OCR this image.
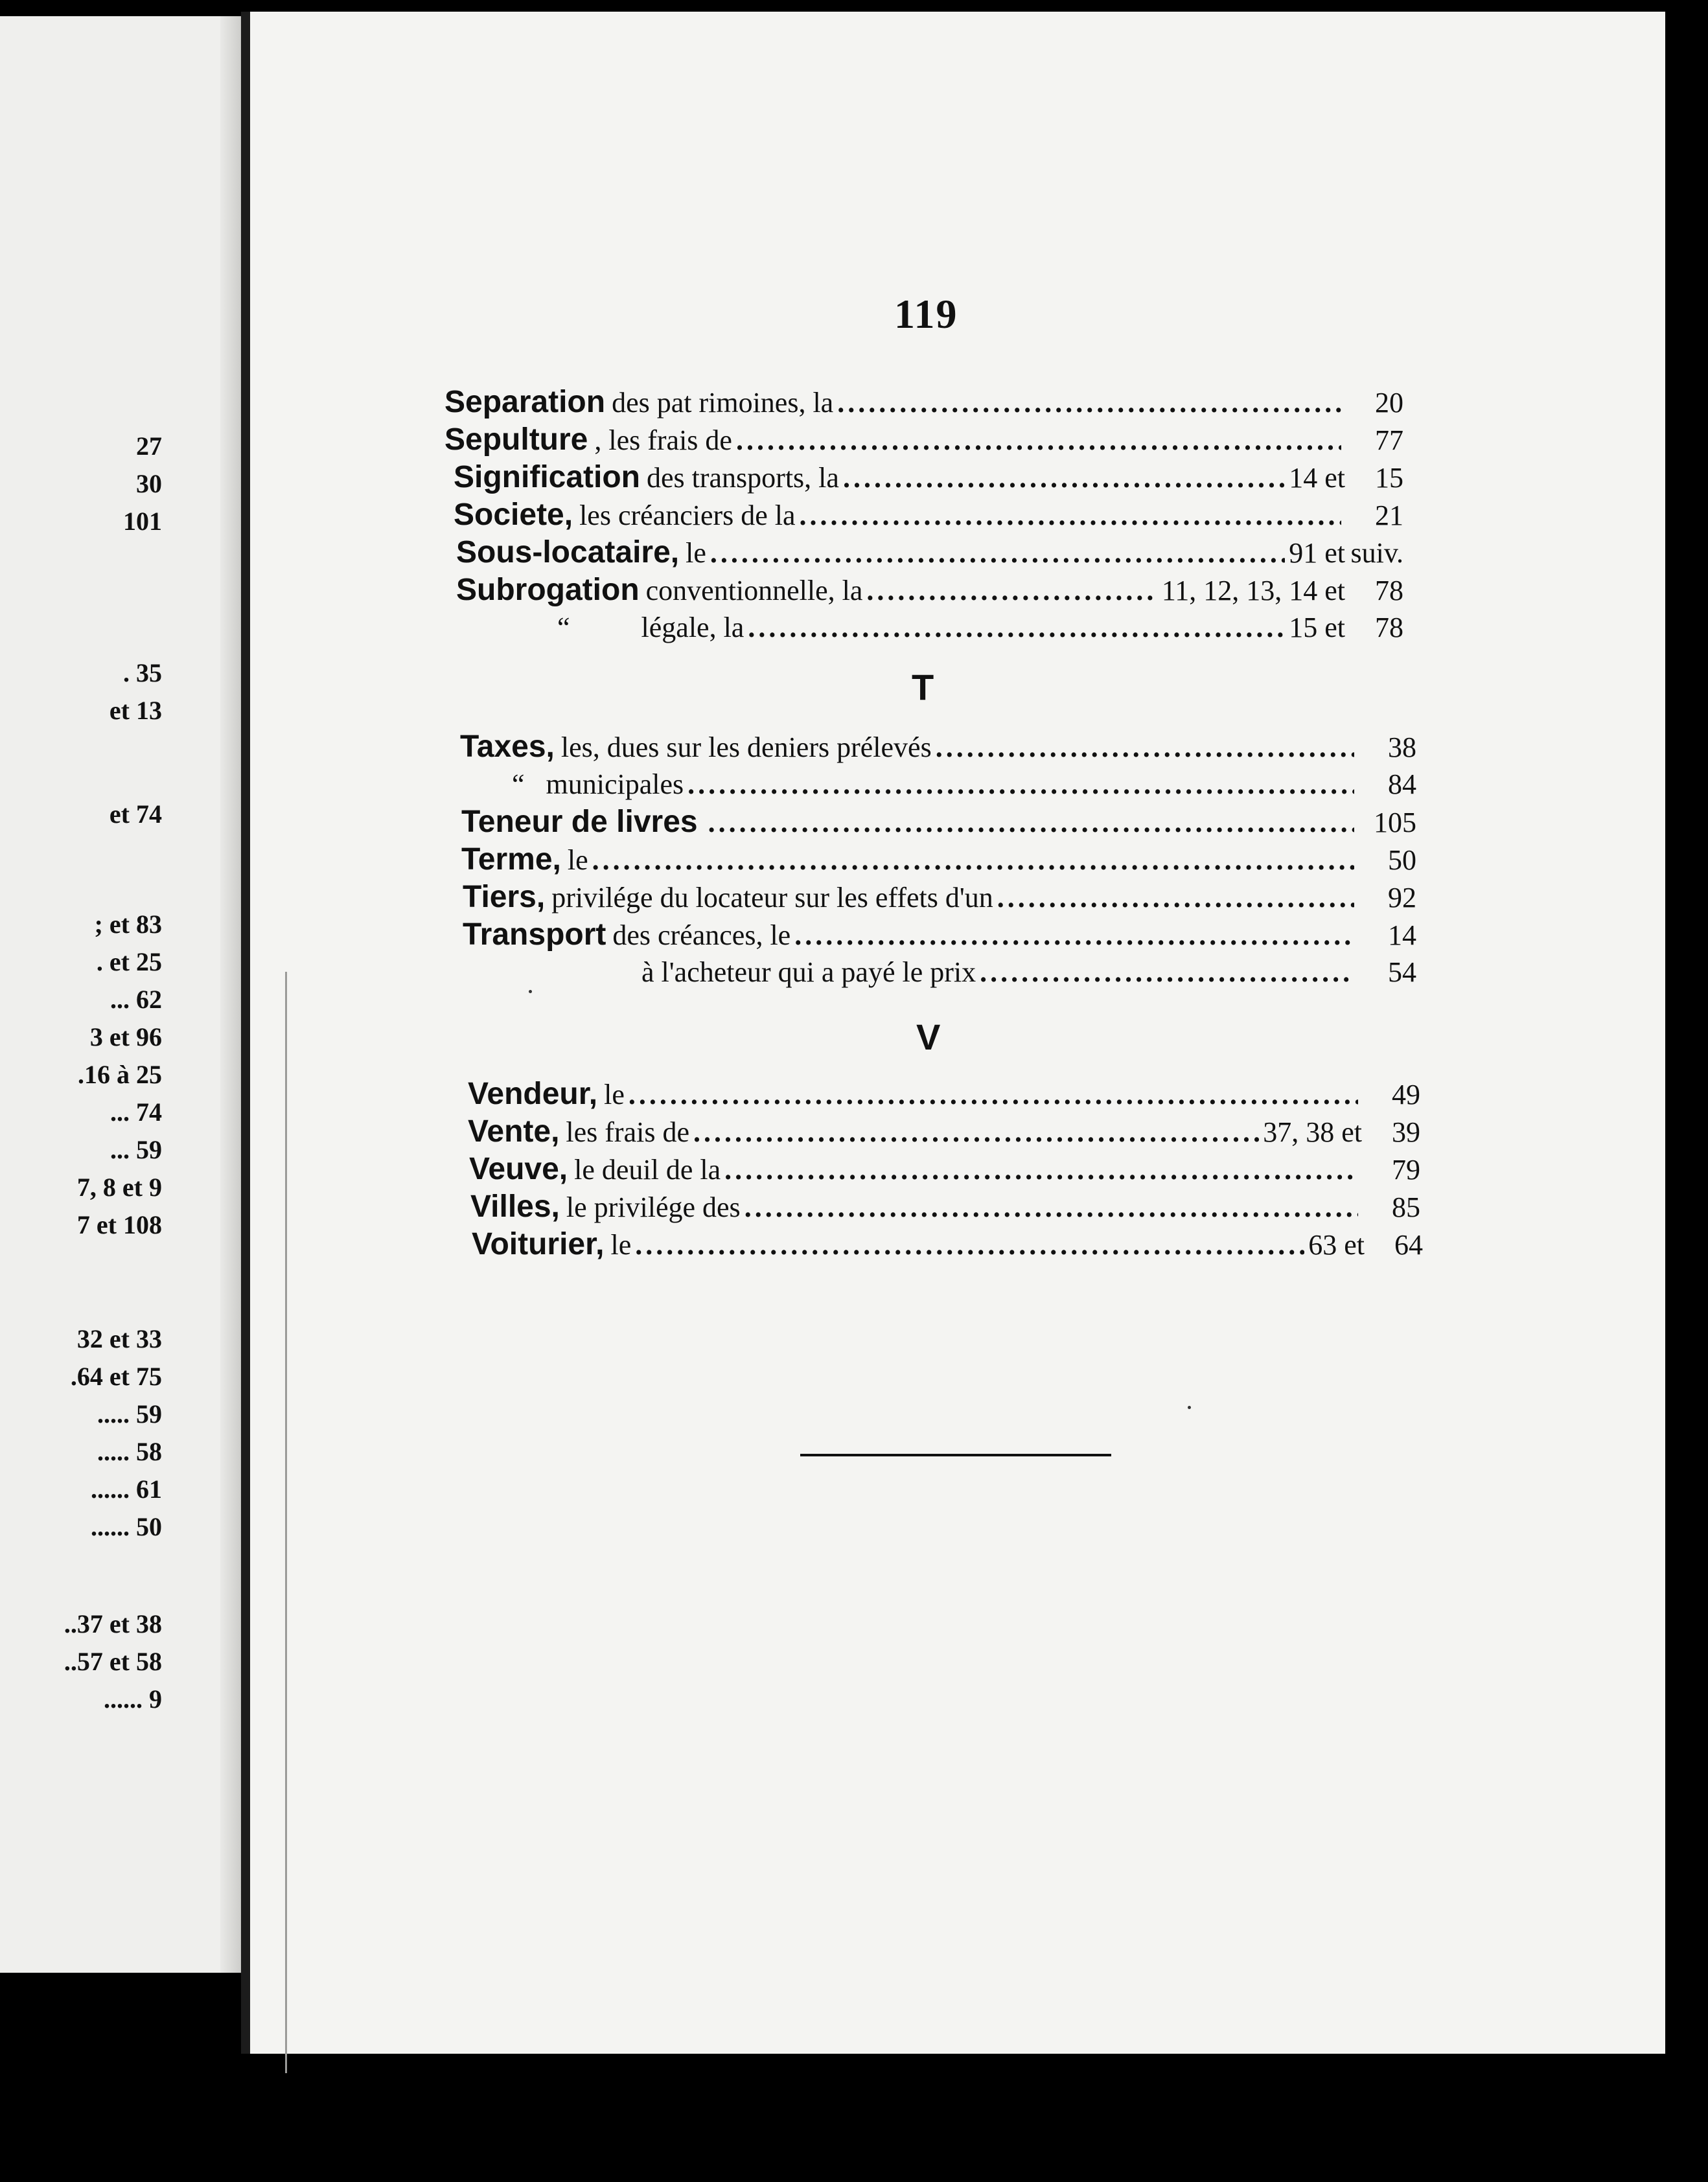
27
30
101
. 35
et 13
et 74
; et 83
. et 25
... 62
3 et 96
.16 à 25
... 74
... 59
7, 8 et 9
7 et 108
32 et 33
.64 et 75
..... 59
..... 58
...... 61
...... 50
..37 et 38
..57 et 58
...... 9
119
Separation des pat rimoines, la .....	20
Sepulture , les frais de .....	77
Signification des transports, la .....	14 et	15
Societe, les créanciers de la .....	21
Sous-locataire, le .....	91 et suiv.
Subrogation conventionnelle, la .....	11, 12, 13, 14 et	78
“          légale, la .....	15 et	78
T
Taxes, les, dues sur les deniers prélevés .....	38
“   municipales .....	84
Teneur de livres .....	105
Terme, le .....	50
Tiers, privilége du locateur sur les effets d'un .....	92
Transport des créances, le .....	14
à l'acheteur qui a payé le prix .....	54
V
Vendeur, le .....	49
Vente, les frais de .....	37, 38 et	39
Veuve, le deuil de la .....	79
Villes, le privilége des .....	85
Voiturier, le .....	63 et	64
